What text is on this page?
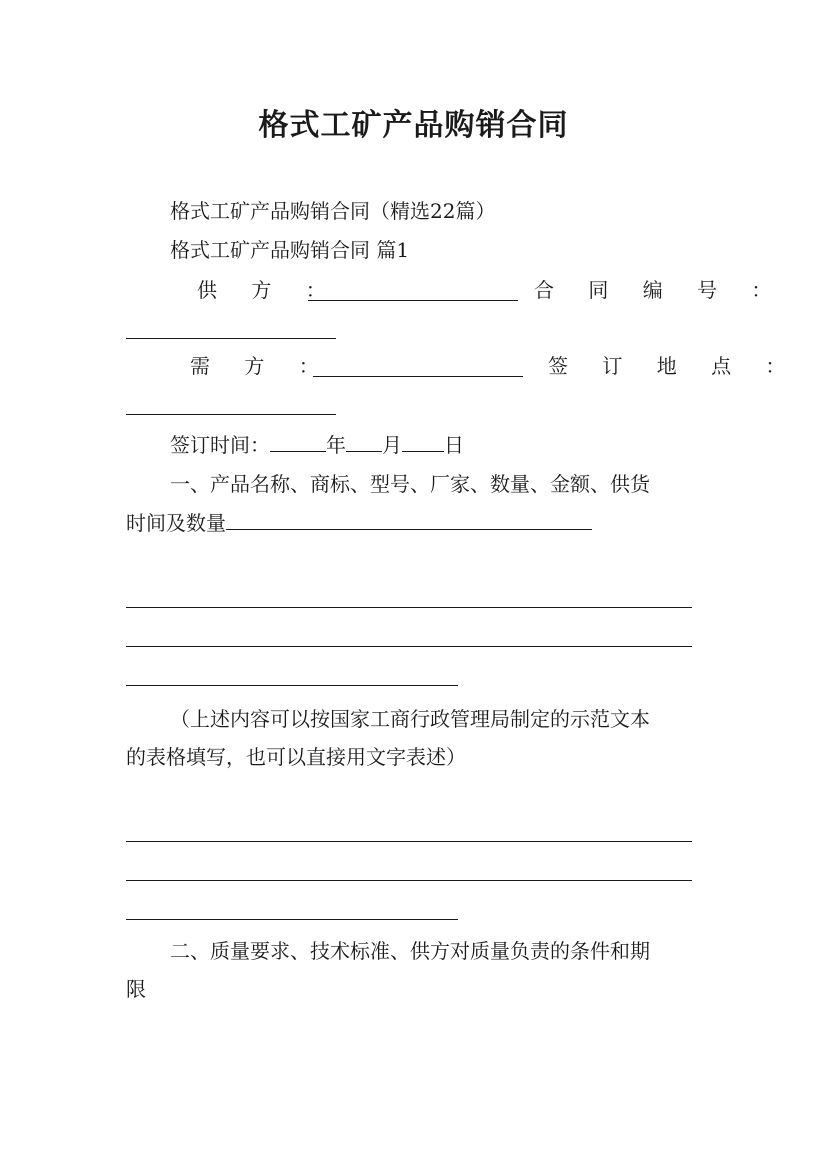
格式工矿产品购销合同
格式工矿产品购销合同（精选22篇）
格式工矿产品购销合同 篇1
供 方 ：	合 同 编 号 ：
需 方 ：	签 订 地 点 ：
签订时间：	年 月 日
一、产品名称、商标、型号、厂家、数量、金额、供货
时间及数量
（上述内容可以按国家工商行政管理局制定的示范文本
的表格填写，也可以直接用文字表述）
二、质量要求、技术标准、供方对质量负责的条件和期
限
